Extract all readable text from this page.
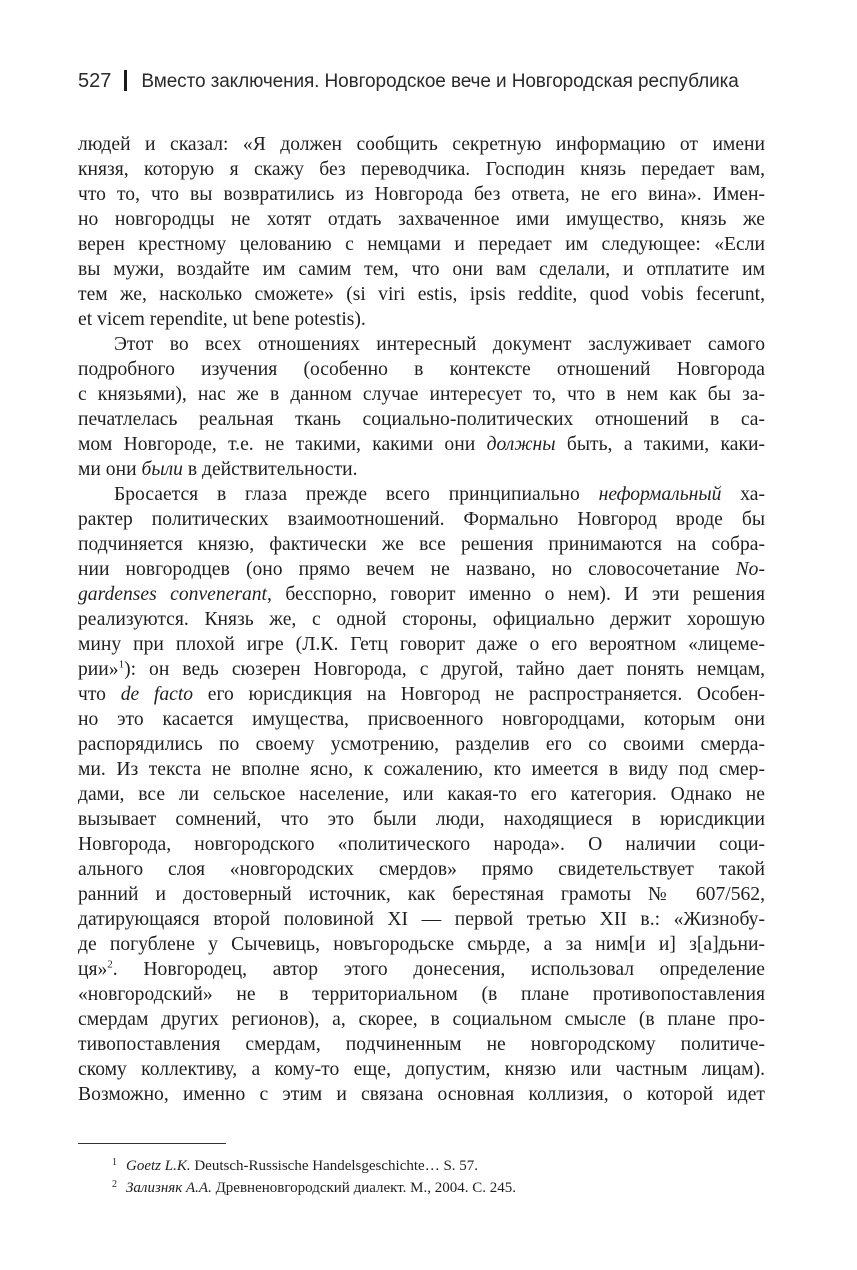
527 Вместо заключения. Новгородское вече и Новгородская республика
людей и сказал: «Я должен сообщить секретную информацию от имени
князя, которую я скажу без переводчика. Господин князь передает вам,
что то, что вы возвратились из Новгорода без ответа, не его вина». Имен-
но новгородцы не хотят отдать захваченное ими имущество, князь же
верен крестному целованию с немцами и передает им следующее: «Если
вы мужи, воздайте им самим тем, что они вам сделали, и отплатите им
тем же, насколько сможете» (si viri estis, ipsis reddite, quod vobis fecerunt,
et vicem rependite, ut bene potestis).
Этот во всех отношениях интересный документ заслуживает самого
подробного изучения (особенно в контексте отношений Новгорода
с князьями), нас же в данном случае интересует то, что в нем как бы за-
печатлелась реальная ткань социально-политических отношений в са-
мом Новгороде, т.е. не такими, какими они должны быть, а такими, каки-
ми они были в действительности.
Бросается в глаза прежде всего принципиально неформальный ха-
рактер политических взаимоотношений. Формально Новгород вроде бы
подчиняется князю, фактически же все решения принимаются на собра-
нии новгородцев (оно прямо вечем не названо, но словосочетание No-
gardenses convenerant, бесспорно, говорит именно о нем). И эти решения
реализуются. Князь же, с одной стороны, официально держит хорошую
мину при плохой игре (Л.К. Гетц говорит даже о его вероятном «лицеме-
рии»$^1$): он ведь сюзерен Новгорода, с другой, тайно дает понять немцам,
что de facto его юрисдикция на Новгород не распространяется. Особен-
но это касается имущества, присвоенного новгородцами, которым они
распорядились по своему усмотрению, разделив его со своими смерда-
ми. Из текста не вполне ясно, к сожалению, кто имеется в виду под смер-
дами, все ли сельское население, или какая-то его категория. Однако не
вызывает сомнений, что это были люди, находящиеся в юрисдикции
Новгорода, новгородского «политического народа». О наличии соци-
ального слоя «новгородских смердов» прямо свидетельствует такой
ранний и достоверный источник, как берестяная грамоты № 607/562,
датирующаяся второй половиной XI — первой третью XII в.: «Жизнобу-
де погублене у Сычевиць, новъгородьске смьрде, а за ним[и и] з[а]дьни-
ця»$^2$. Новгородец, автор этого донесения, использовал определение
«новгородский» не в территориальном (в плане противопоставления
смердам других регионов), а, скорее, в социальном смысле (в плане про-
тивопоставления смердам, подчиненным не новгородскому политиче-
скому коллективу, а кому-то еще, допустим, князю или частным лицам).
Возможно, именно с этим и связана основная коллизия, о которой идет
1 Goetz L.K. Deutsch-Russische Handelsgeschichte… S. 57.
2 Зализняк А.А. Древненовгородский диалект. М., 2004. С. 245.
